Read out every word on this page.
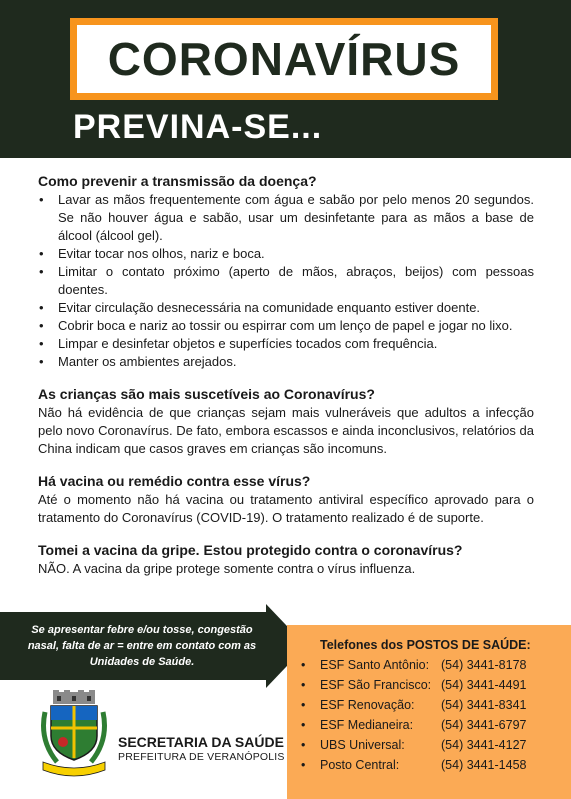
CORONAVÍRUS
PREVINA-SE...

Como prevenir a transmissão da doença?

• Lavar as mãos frequentemente com água e sabão por pelo menos 20 segundos. Se não houver água e sabão, usar um desinfetante para as mãos a base de álcool (álcool gel).
• Evitar tocar nos olhos, nariz e boca.
• Limitar o contato próximo (aperto de mãos, abraços, beijos) com pessoas doentes.
• Evitar circulação desnecessária na comunidade enquanto estiver doente.
• Cobrir boca e nariz ao tossir ou espirrar com um lenço de papel e jogar no lixo.
• Limpar e desinfetar objetos e superfícies tocados com frequência.
• Manter os ambientes arejados.

As crianças são mais suscetíveis ao Coronavírus?

Não há evidência de que crianças sejam mais vulneráveis que adultos a infecção pelo novo Coronavírus. De fato, embora escassos e ainda inconclusivos, relatórios da China indicam que casos graves em crianças são incomuns.

Há vacina ou remédio contra esse vírus?

Até o momento não há vacina ou tratamento antiviral específico aprovado para o tratamento do Coronavírus (COVID-19). O tratamento realizado é de suporte.

Tomei a vacina da gripe. Estou protegido contra o coronavírus?

NÃO. A vacina da gripe protege somente contra o vírus influenza.

Se apresentar febre e/ou tosse, congestão nasal, falta de ar = entre em contato com as Unidades de Saúde.
Telefones dos POSTOS DE SAÚDE:
• ESF Santo Antônio: (54) 3441-8178
• ESF São Francisco: (54) 3441-4491
• ESF Renovação: (54) 3441-8341
• ESF Medianeira: (54) 3441-6797
• UBS Universal:	(54) 3441-4127
• Posto Central:	(54) 3441-1458
SECRETARIA DA SAÚDE
PREFEITURA DE VERANÓPOLIS
